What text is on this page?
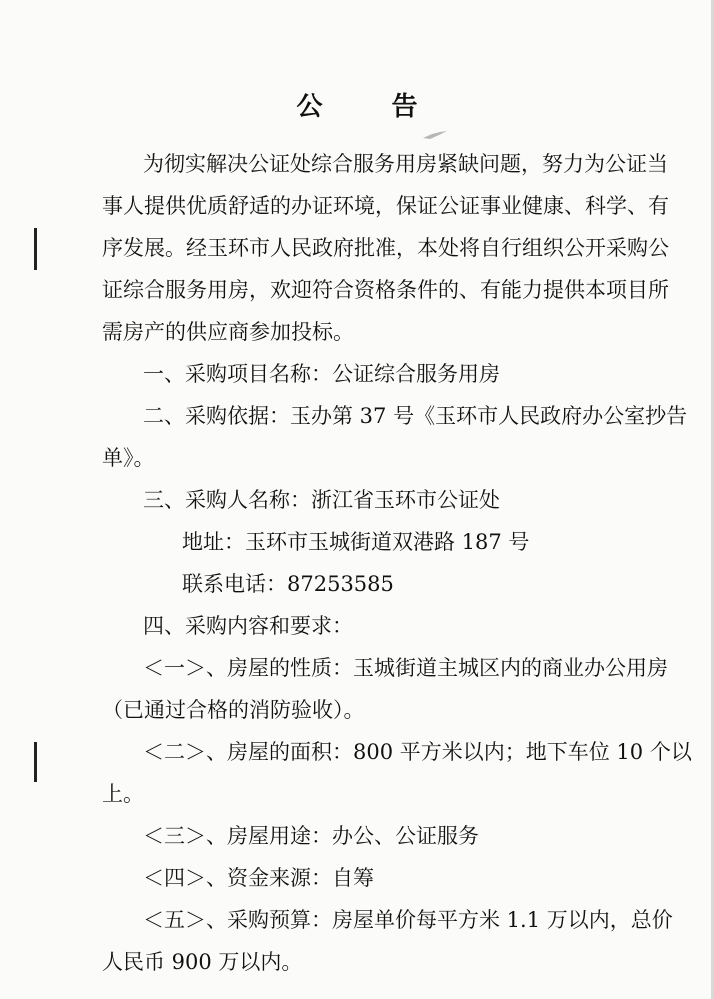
公 告
为彻实解决公证处综合服务用房紧缺问题，努力为公证当
事人提供优质舒适的办证环境，保证公证事业健康、科学、有
序发展。经玉环市人民政府批准，本处将自行组织公开采购公
证综合服务用房，欢迎符合资格条件的、有能力提供本项目所
需房产的供应商参加投标。
一、采购项目名称：公证综合服务用房
二、采购依据：玉办第 37 号《玉环市人民政府办公室抄告
单》。
三、采购人名称：浙江省玉环市公证处
地址：玉环市玉城街道双港路 187 号
联系电话：87253585
四、采购内容和要求：
＜一＞、房屋的性质：玉城街道主城区内的商业办公用房
（已通过合格的消防验收）。
＜二＞、房屋的面积：800 平方米以内；地下车位 10 个以
上。
＜三＞、房屋用途：办公、公证服务
＜四＞、资金来源：自筹
＜五＞、采购预算：房屋单价每平方米 1.1 万以内，总价
人民币 900 万以内。
